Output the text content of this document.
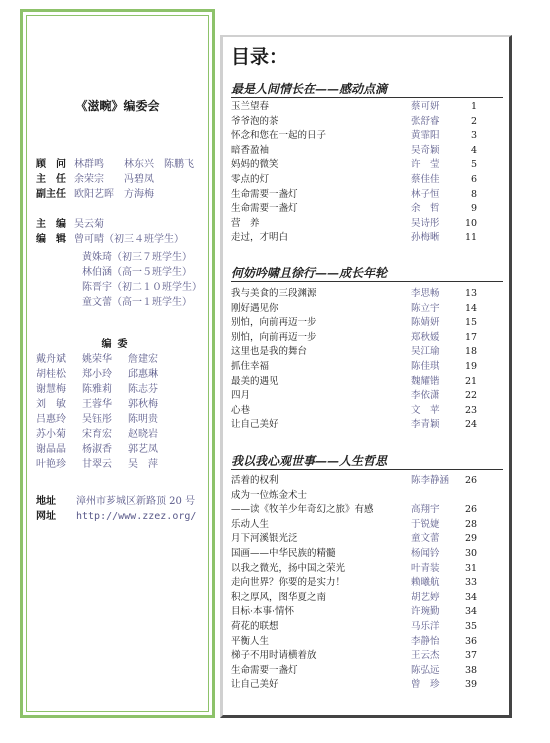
《滋畹》编委会
顾　问 林群鸣　　林东兴　陈鹏飞
主　任 余荣宗　　冯碧凤
副主任 欧阳艺晖　方海梅
主　编 吴云菊
编　辑 曾可晴（初三４班学生）
黄姝琦（初三７班学生）
林伯涵（高一５班学生）
陈晋宇（初二１０班学生）
童文蕾（高一１班学生）
编委
戴舟斌 姚荣华 詹建宏
胡桂松 郑小玲 邱惠琳
谢慧梅 陈雅莉 陈志芬
刘　敏 王蓉华 郭秋梅
吕惠玲 吴钰彤 陈明贵
苏小菊 宋育宏 赵晓岩
谢晶晶 杨淑香 郭艺凤
叶艳珍 甘翠云 吴　萍
地址 漳州市芗城区新路顶 20 号
网址 http://www.zzez.org/
目录：
最是人间情长在——感动点滴
玉兰望春	蔡可妍	1
爷爷泡的茶	张舒睿	2
怀念和您在一起的日子	黄霏阳	3
暗香盈袖	吴奇颖	4
妈妈的微笑	许　莹	5
零点的灯	蔡佳佳	6
生命需要一盏灯	林子恒	8
生命需要一盏灯	余　哲	9
营　养	吴诗彤	10
走过，才明白	孙梅晰	11
何妨吟啸且徐行——成长年轮
我与美食的三段渊源	李思畅	13
刚好遇见你	陈立宇	14
别怕，向前再迈一步	陈婧妍	15
别怕，向前再迈一步	郑秋媛	17
这里也是我的舞台	吴江瑜	18
抓住幸福	陈佳琪	19
最美的遇见	魏耀锴	21
四月	李依潇	22
心巷	文　苹	23
让自己美好	李青颖	24
我以我心观世事——人生哲思
活着的权利	陈李静涵 26
成为一位炼金术士
——读《牧羊少年奇幻之旅》有感	高翔宇	26
乐动人生	于锐婕	28
月下河溪银光泛	童文蕾	29
国画——中华民族的精髓	杨闻钤	30
以我之微光，扬中国之荣光	叶青装	31
走向世界？你要的是实力！	赖曦航	33
积之厚风，图华夏之南	胡艺婷	34
目标·本事·情怀	许琬勤	34
荷花的联想	马乐洋	35
平衡人生	李静怡	36
梯子不用时请横着放	王云杰	37
生命需要一盏灯	陈弘远	38
让自己美好	曾　珍	39
